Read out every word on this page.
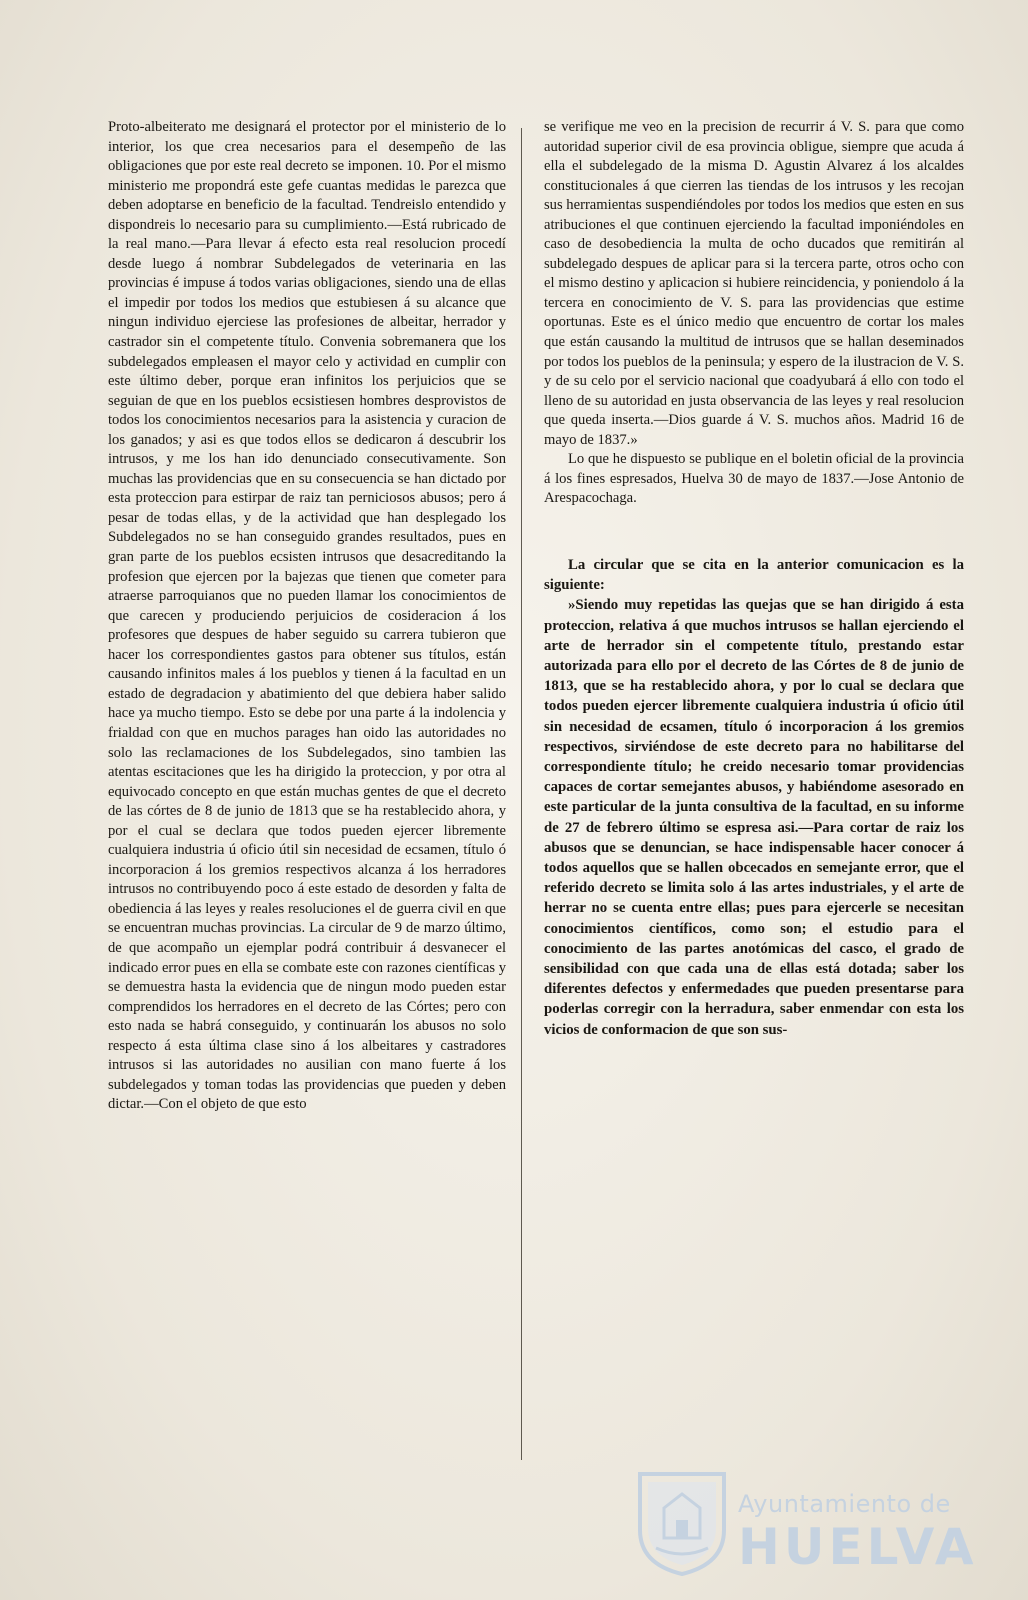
Proto-albeiterato me designará el protector por el ministerio de lo interior, los que crea necesarios para el desempeño de las obligaciones que por este real decreto se imponen. 10. Por el mismo ministerio me propondrá este gefe cuantas medidas le parezca que deben adoptarse en beneficio de la facultad. Tendreislo entendido y dispondreis lo necesario para su cumplimiento.—Está rubricado de la real mano.—Para llevar á efecto esta real resolucion procedí desde luego á nombrar Subdelegados de veterinaria en las provincias é impuse á todos varias obligaciones, siendo una de ellas el impedir por todos los medios que estubiesen á su alcance que ningun individuo ejerciese las profesiones de albeitar, herrador y castrador sin el competente título. Convenia sobremanera que los subdelegados empleasen el mayor celo y actividad en cumplir con este último deber, porque eran infinitos los perjuicios que se seguian de que en los pueblos ecsistiesen hombres desprovistos de todos los conocimientos necesarios para la asistencia y curacion de los ganados; y asi es que todos ellos se dedicaron á descubrir los intrusos, y me los han ido denunciado consecutivamente. Son muchas las providencias que en su consecuencia se han dictado por esta proteccion para estirpar de raiz tan perniciosos abusos; pero á pesar de todas ellas, y de la actividad que han desplegado los Subdelegados no se han conseguido grandes resultados, pues en gran parte de los pueblos ecsisten intrusos que desacreditando la profesion que ejercen por la bajezas que tienen que cometer para atraerse parroquianos que no pueden llamar los conocimientos de que carecen y produciendo perjuicios de cosideracion á los profesores que despues de haber seguido su carrera tubieron que hacer los correspondientes gastos para obtener sus títulos, están causando infinitos males á los pueblos y tienen á la facultad en un estado de degradacion y abatimiento del que debiera haber salido hace ya mucho tiempo. Esto se debe por una parte á la indolencia y frialdad con que en muchos parages han oido las autoridades no solo las reclamaciones de los Subdelegados, sino tambien las atentas escitaciones que les ha dirigido la proteccion, y por otra al equivocado concepto en que están muchas gentes de que el decreto de las córtes de 8 de junio de 1813 que se ha restablecido ahora, y por el cual se declara que todos pueden ejercer libremente cualquiera industria ú oficio útil sin necesidad de ecsamen, título ó incorporacion á los gremios respectivos alcanza á los herradores intrusos no contribuyendo poco á este estado de desorden y falta de obediencia á las leyes y reales resoluciones el de guerra civil en que se encuentran muchas provincias. La circular de 9 de marzo último, de que acompaño un ejemplar podrá contribuir á desvanecer el indicado error pues en ella se combate este con razones científicas y se demuestra hasta la evidencia que de ningun modo pueden estar comprendidos los herradores en el decreto de las Córtes; pero con esto nada se habrá conseguido, y continuarán los abusos no solo respecto á esta última clase sino á los albeitares y castradores intrusos si las autoridades no ausilian con mano fuerte á los subdelegados y toman todas las providencias que pueden y deben dictar.—Con el objeto de que esto

se verifique me veo en la precision de recurrir á V. S. para que como autoridad superior civil de esa provincia obligue, siempre que acuda á ella el subdelegado de la misma D. Agustin Alvarez á los alcaldes constitucionales á que cierren las tiendas de los intrusos y les recojan sus herramientas suspendiéndoles por todos los medios que esten en sus atribuciones el que continuen ejerciendo la facultad imponiéndoles en caso de desobediencia la multa de ocho ducados que remitirán al subdelegado despues de aplicar para si la tercera parte, otros ocho con el mismo destino y aplicacion si hubiere reincidencia, y poniendolo á la tercera en conocimiento de V. S. para las providencias que estime oportunas. Este es el único medio que encuentro de cortar los males que están causando la multitud de intrusos que se hallan deseminados por todos los pueblos de la peninsula; y espero de la ilustracion de V. S. y de su celo por el servicio nacional que coadyubará á ello con todo el lleno de su autoridad en justa observancia de las leyes y real resolucion que queda inserta.—Dios guarde á V. S. muchos años. Madrid 16 de mayo de 1837.»

Lo que he dispuesto se publique en el boletin oficial de la provincia á los fines espresados, Huelva 30 de mayo de 1837.—Jose Antonio de Arespacochaga.

La circular que se cita en la anterior comunicacion es la siguiente:

»Siendo muy repetidas las quejas que se han dirigido á esta proteccion, relativa á que muchos intrusos se hallan ejerciendo el arte de herrador sin el competente título, prestando estar autorizada para ello por el decreto de las Córtes de 8 de junio de 1813, que se ha restablecido ahora, y por lo cual se declara que todos pueden ejercer libremente cualquiera industria ú oficio útil sin necesidad de ecsamen, título ó incorporacion á los gremios respectivos, sirviéndose de este decreto para no habilitarse del correspondiente título; he creido necesario tomar providencias capaces de cortar semejantes abusos, y habiéndome asesorado en este particular de la junta consultiva de la facultad, en su informe de 27 de febrero último se espresa asi.—Para cortar de raiz los abusos que se denuncian, se hace indispensable hacer conocer á todos aquellos que se hallen obcecados en semejante error, que el referido decreto se limita solo á las artes industriales, y el arte de herrar no se cuenta entre ellas; pues para ejercerle se necesitan conocimientos científicos, como son; el estudio para el conocimiento de las partes anotómicas del casco, el grado de sensibilidad con que cada una de ellas está dotada; saber los diferentes defectos y enfermedades que pueden presentarse para poderlas corregir con la herradura, saber enmendar con esta los vicios de conformacion de que son sus-

Ayuntamiento de
HUELVA
